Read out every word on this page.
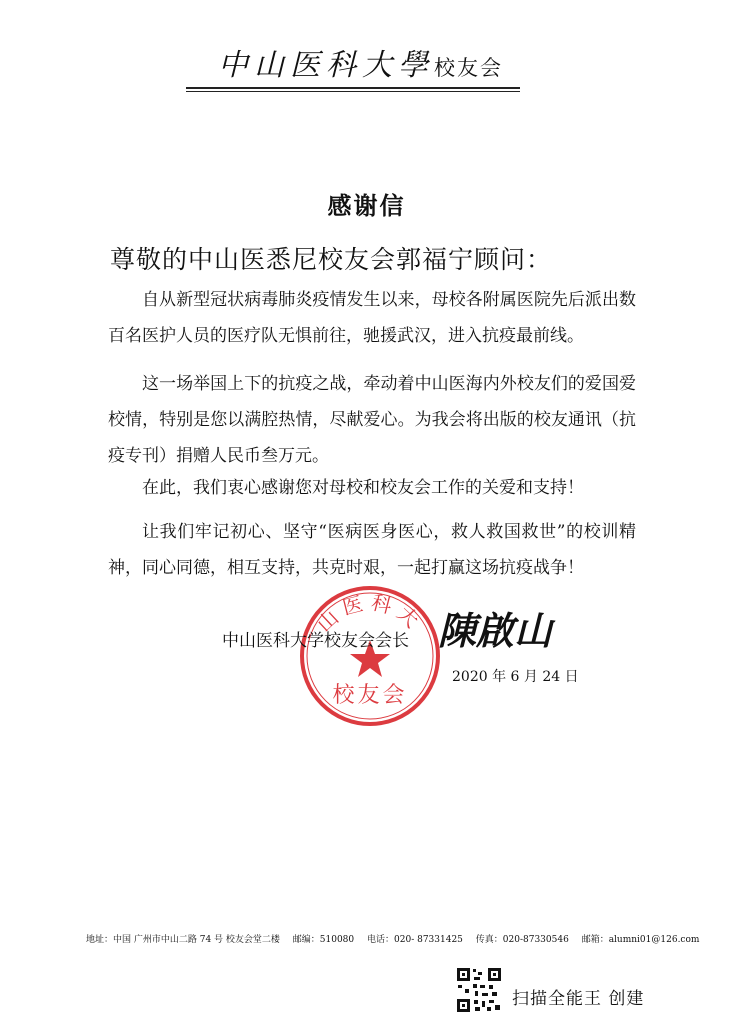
中山医科大學 校友会
感谢信
尊敬的中山医悉尼校友会郭福宁顾问：
自从新型冠状病毒肺炎疫情发生以来，母校各附属医院先后派出数百名医护人员的医疗队无惧前往，驰援武汉，进入抗疫最前线。
这一场举国上下的抗疫之战，牵动着中山医海内外校友们的爱国爱校情，特别是您以满腔热情，尽献爱心。为我会将出版的校友通讯（抗疫专刊）捐赠人民币叁万元。
在此，我们衷心感谢您对母校和校友会工作的关爱和支持！
让我们牢记初心、坚守“医病医身医心，救人救国救世”的校训精神，同心同德，相互支持，共克时艰，一起打赢这场抗疫战争！
山医科大
校友会
中山医科大学校友会会长 陳啟山
2020 年 6 月 24 日
地址：中国 广州市中山二路 74 号 校友会堂二楼 邮编：510080 电话：020- 87331425 传真：020-87330546 邮箱：alumni01@126.com
扫描全能王 创建
